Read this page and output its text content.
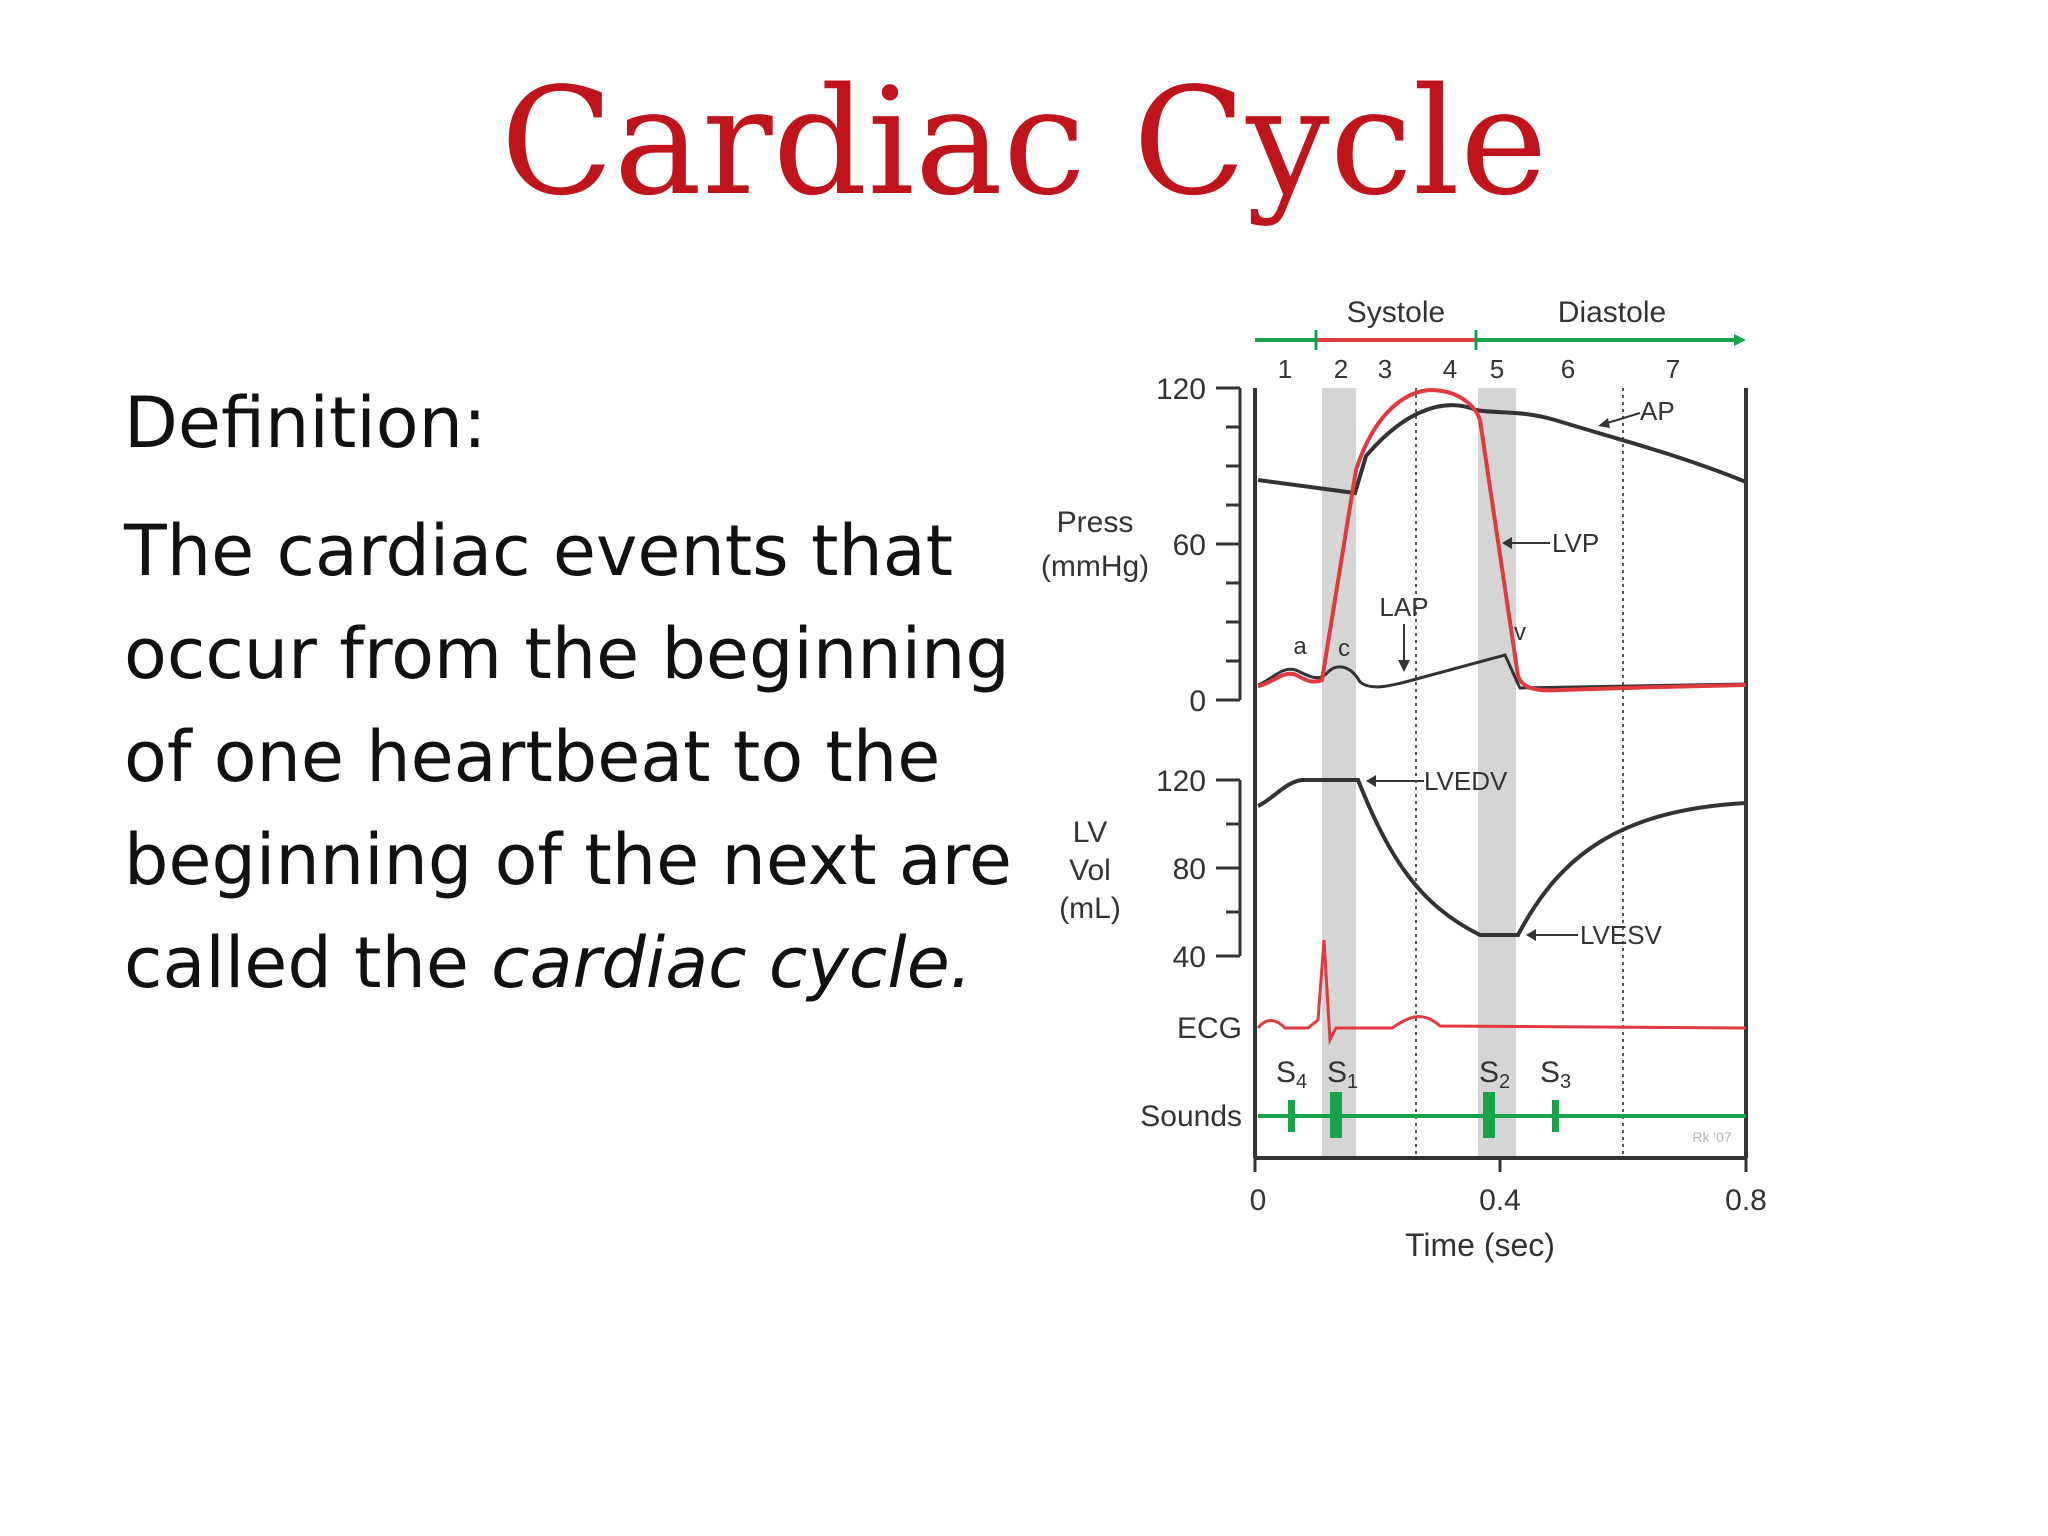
Cardiac Cycle
Definition:
The cardiac events that
occur from the beginning
of one heartbeat to the
beginning of the next are
called the cardiac cycle.
Systole	Diastole
1 2 3 4 5 6	7
120
60
0
Press
(mmHg)
120
80
40
LV
Vol
(mL)
$S_4$ $S_1$	$S_2$ $S_3$
ECG
Sounds
Rk '07
AP
LVP
LAP
a c
v
LVEDV
LVESV
0	0.4	0.8
Time (sec)
